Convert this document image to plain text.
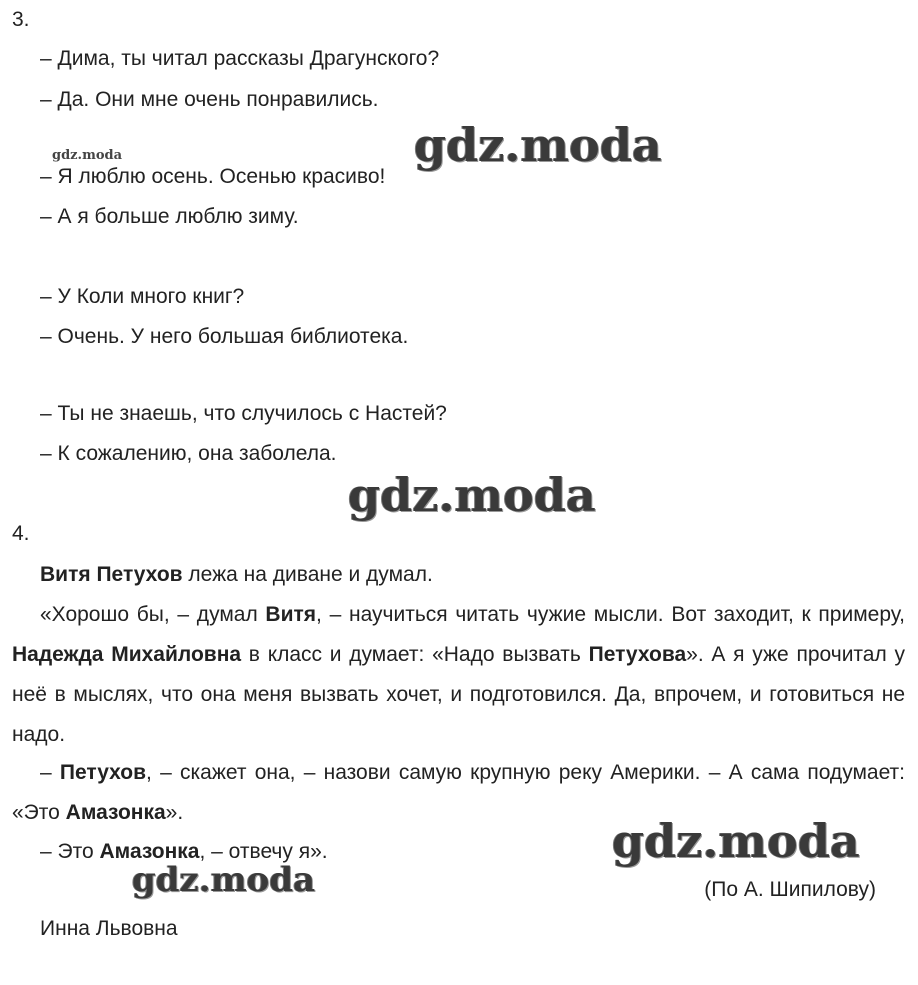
3.
– Дима, ты читал рассказы Драгунского?
– Да. Они мне очень понравились.
– Я люблю осень. Осенью красиво!
– А я больше люблю зиму.
– У Коли много книг?
– Очень. У него большая библиотека.
– Ты не знаешь, что случилось с Настей?
– К сожалению, она заболела.
4.
Витя Петухов лежа на диване и думал.
«Хорошо бы, – думал Витя, – научиться читать чужие мысли. Вот заходит, к примеру, Надежда Михайловна в класс и думает: «Надо вызвать Петухова». А я уже прочитал у неё в мыслях, что она меня вызвать хочет, и подготовился. Да, впрочем, и готовиться не надо.
– Петухов, – скажет она, – назови самую крупную реку Америки. – А сама подумает: «Это Амазонка».
– Это Амазонка, – отвечу я».
(По А. Шипилову)
Инна Львовна
gdz.moda	gdz.moda
gdz.moda
gdz.moda
gdz.moda
